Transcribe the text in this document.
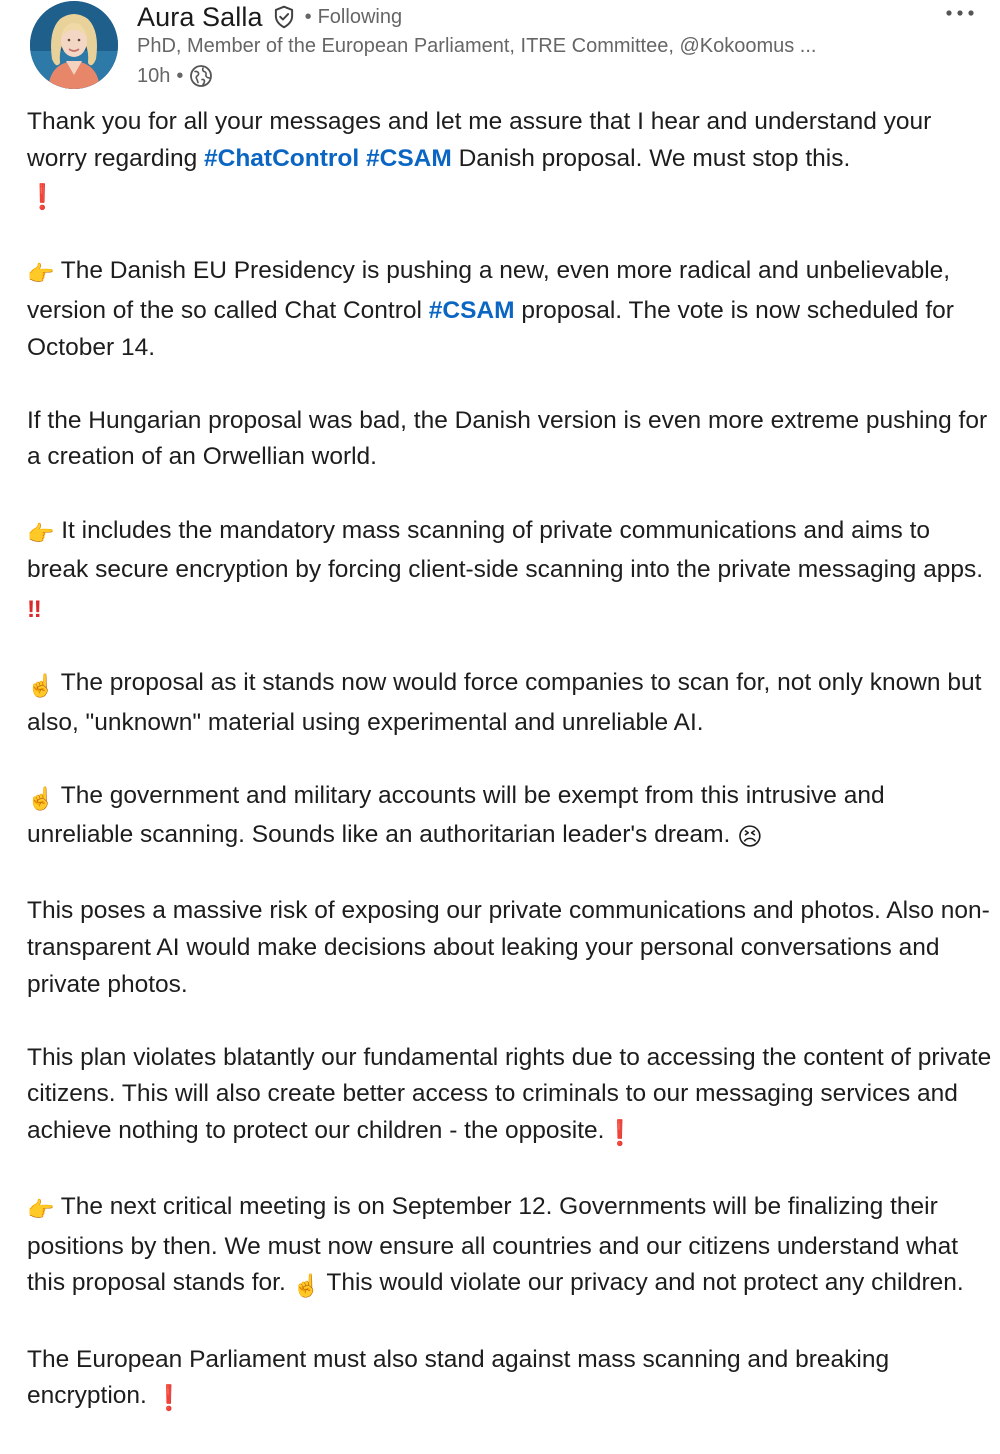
Aura Salla • Following
PhD, Member of the European Parliament, ITRE Committee, @Kokoomus ...
10h •

Thank you for all your messages and let me assure that I hear and understand your worry regarding #ChatControl #CSAM Danish proposal. We must stop this.
❗

👉 The Danish EU Presidency is pushing a new, even more radical and unbelievable, version of the so called Chat Control #CSAM proposal. The vote is now scheduled for October 14.

If the Hungarian proposal was bad, the Danish version is even more extreme pushing for a creation of an Orwellian world.

👉 It includes the mandatory mass scanning of private communications and aims to break secure encryption by forcing client-side scanning into the private messaging apps. ‼

☝️ The proposal as it stands now would force companies to scan for, not only known but also, "unknown" material using experimental and unreliable AI.

☝️ The government and military accounts will be exempt from this intrusive and unreliable scanning. Sounds like an authoritarian leader's dream. 😣

This poses a massive risk of exposing our private communications and photos. Also non-transparent AI would make decisions about leaking your personal conversations and private photos.

This plan violates blatantly our fundamental rights due to accessing the content of private citizens. This will also create better access to criminals to our messaging services and achieve nothing to protect our children - the opposite.❗

👉 The next critical meeting is on September 12. Governments will be finalizing their positions by then. We must now ensure all countries and our citizens understand what this proposal stands for. ☝️ This would violate our privacy and not protect any children.

The European Parliament must also stand against mass scanning and breaking encryption. ❗
